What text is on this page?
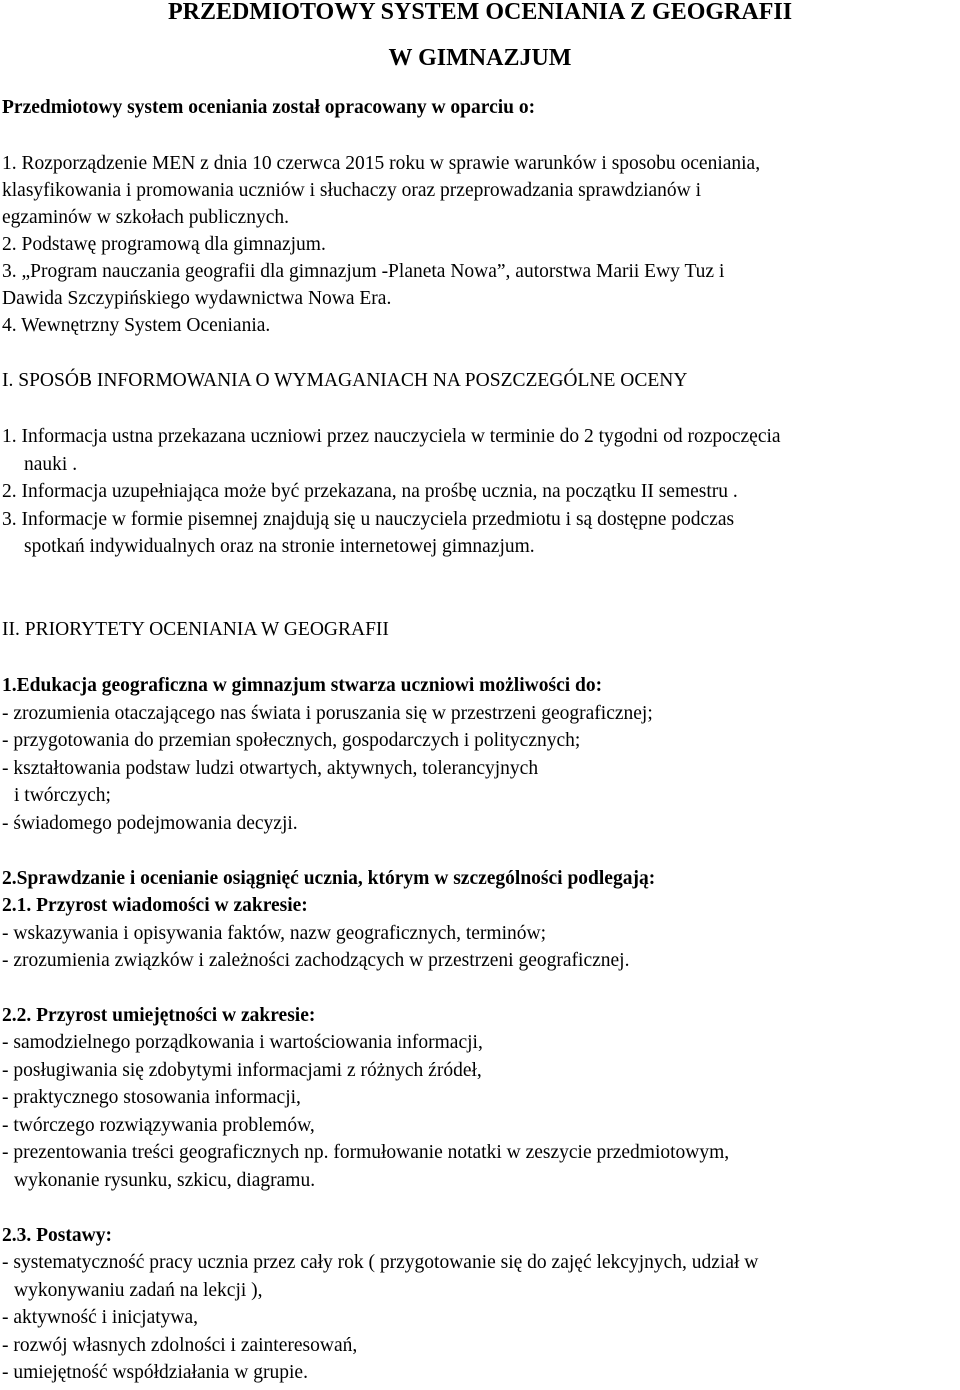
PRZEDMIOTOWY SYSTEM OCENIANIA Z GEOGRAFII
W GIMNAZJUM

Przedmiotowy system oceniania został opracowany w oparciu o:

1. Rozporządzenie MEN z dnia 10 czerwca 2015 roku w sprawie warunków i sposobu oceniania,

klasyfikowania i promowania uczniów i słuchaczy oraz przeprowadzania sprawdzianów i

egzaminów w szkołach publicznych.

2. Podstawę programową dla gimnazjum.

3. „Program nauczania geografii dla gimnazjum -Planeta Nowa”, autorstwa Marii Ewy Tuz i

Dawida Szczypińskiego wydawnictwa Nowa Era.

4. Wewnętrzny System Oceniania.

I. SPOSÓB INFORMOWANIA O WYMAGANIACH NA POSZCZEGÓLNE OCENY

1. Informacja ustna przekazana uczniowi przez nauczyciela w terminie do 2 tygodni od rozpoczęcia

nauki .

2. Informacja uzupełniająca może być przekazana, na prośbę ucznia, na początku II semestru .

3. Informacje w formie pisemnej znajdują się u nauczyciela przedmiotu i są dostępne podczas

spotkań indywidualnych oraz na stronie internetowej gimnazjum.

II. PRIORYTETY OCENIANIA W GEOGRAFII
1.Edukacja geograficzna w gimnazjum stwarza uczniowi możliwości do:

- zrozumienia otaczającego nas świata i poruszania się w przestrzeni geograficznej;

- przygotowania do przemian społecznych, gospodarczych i politycznych;

- kształtowania podstaw ludzi otwartych, aktywnych, tolerancyjnych

i twórczych;

- świadomego podejmowania decyzji.

2.Sprawdzanie i ocenianie osiągnięć ucznia, którym w szczególności podlegają:
2.1. Przyrost wiadomości w zakresie:

- wskazywania i opisywania faktów, nazw geograficznych, terminów;

- zrozumienia związków i zależności zachodzących w przestrzeni geograficznej.

2.2. Przyrost umiejętności w zakresie:

- samodzielnego porządkowania i wartościowania informacji,

- posługiwania się zdobytymi informacjami z różnych źródeł,

- praktycznego stosowania informacji,

- twórczego rozwiązywania problemów,

- prezentowania treści geograficznych np. formułowanie notatki w zeszycie przedmiotowym,

wykonanie rysunku, szkicu, diagramu.

2.3. Postawy:

- systematyczność pracy ucznia przez cały rok ( przygotowanie się do zajęć lekcyjnych, udział w

wykonywaniu zadań na lekcji ),

- aktywność i inicjatywa,

- rozwój własnych zdolności i zainteresowań,

- umiejętność współdziałania w grupie.
